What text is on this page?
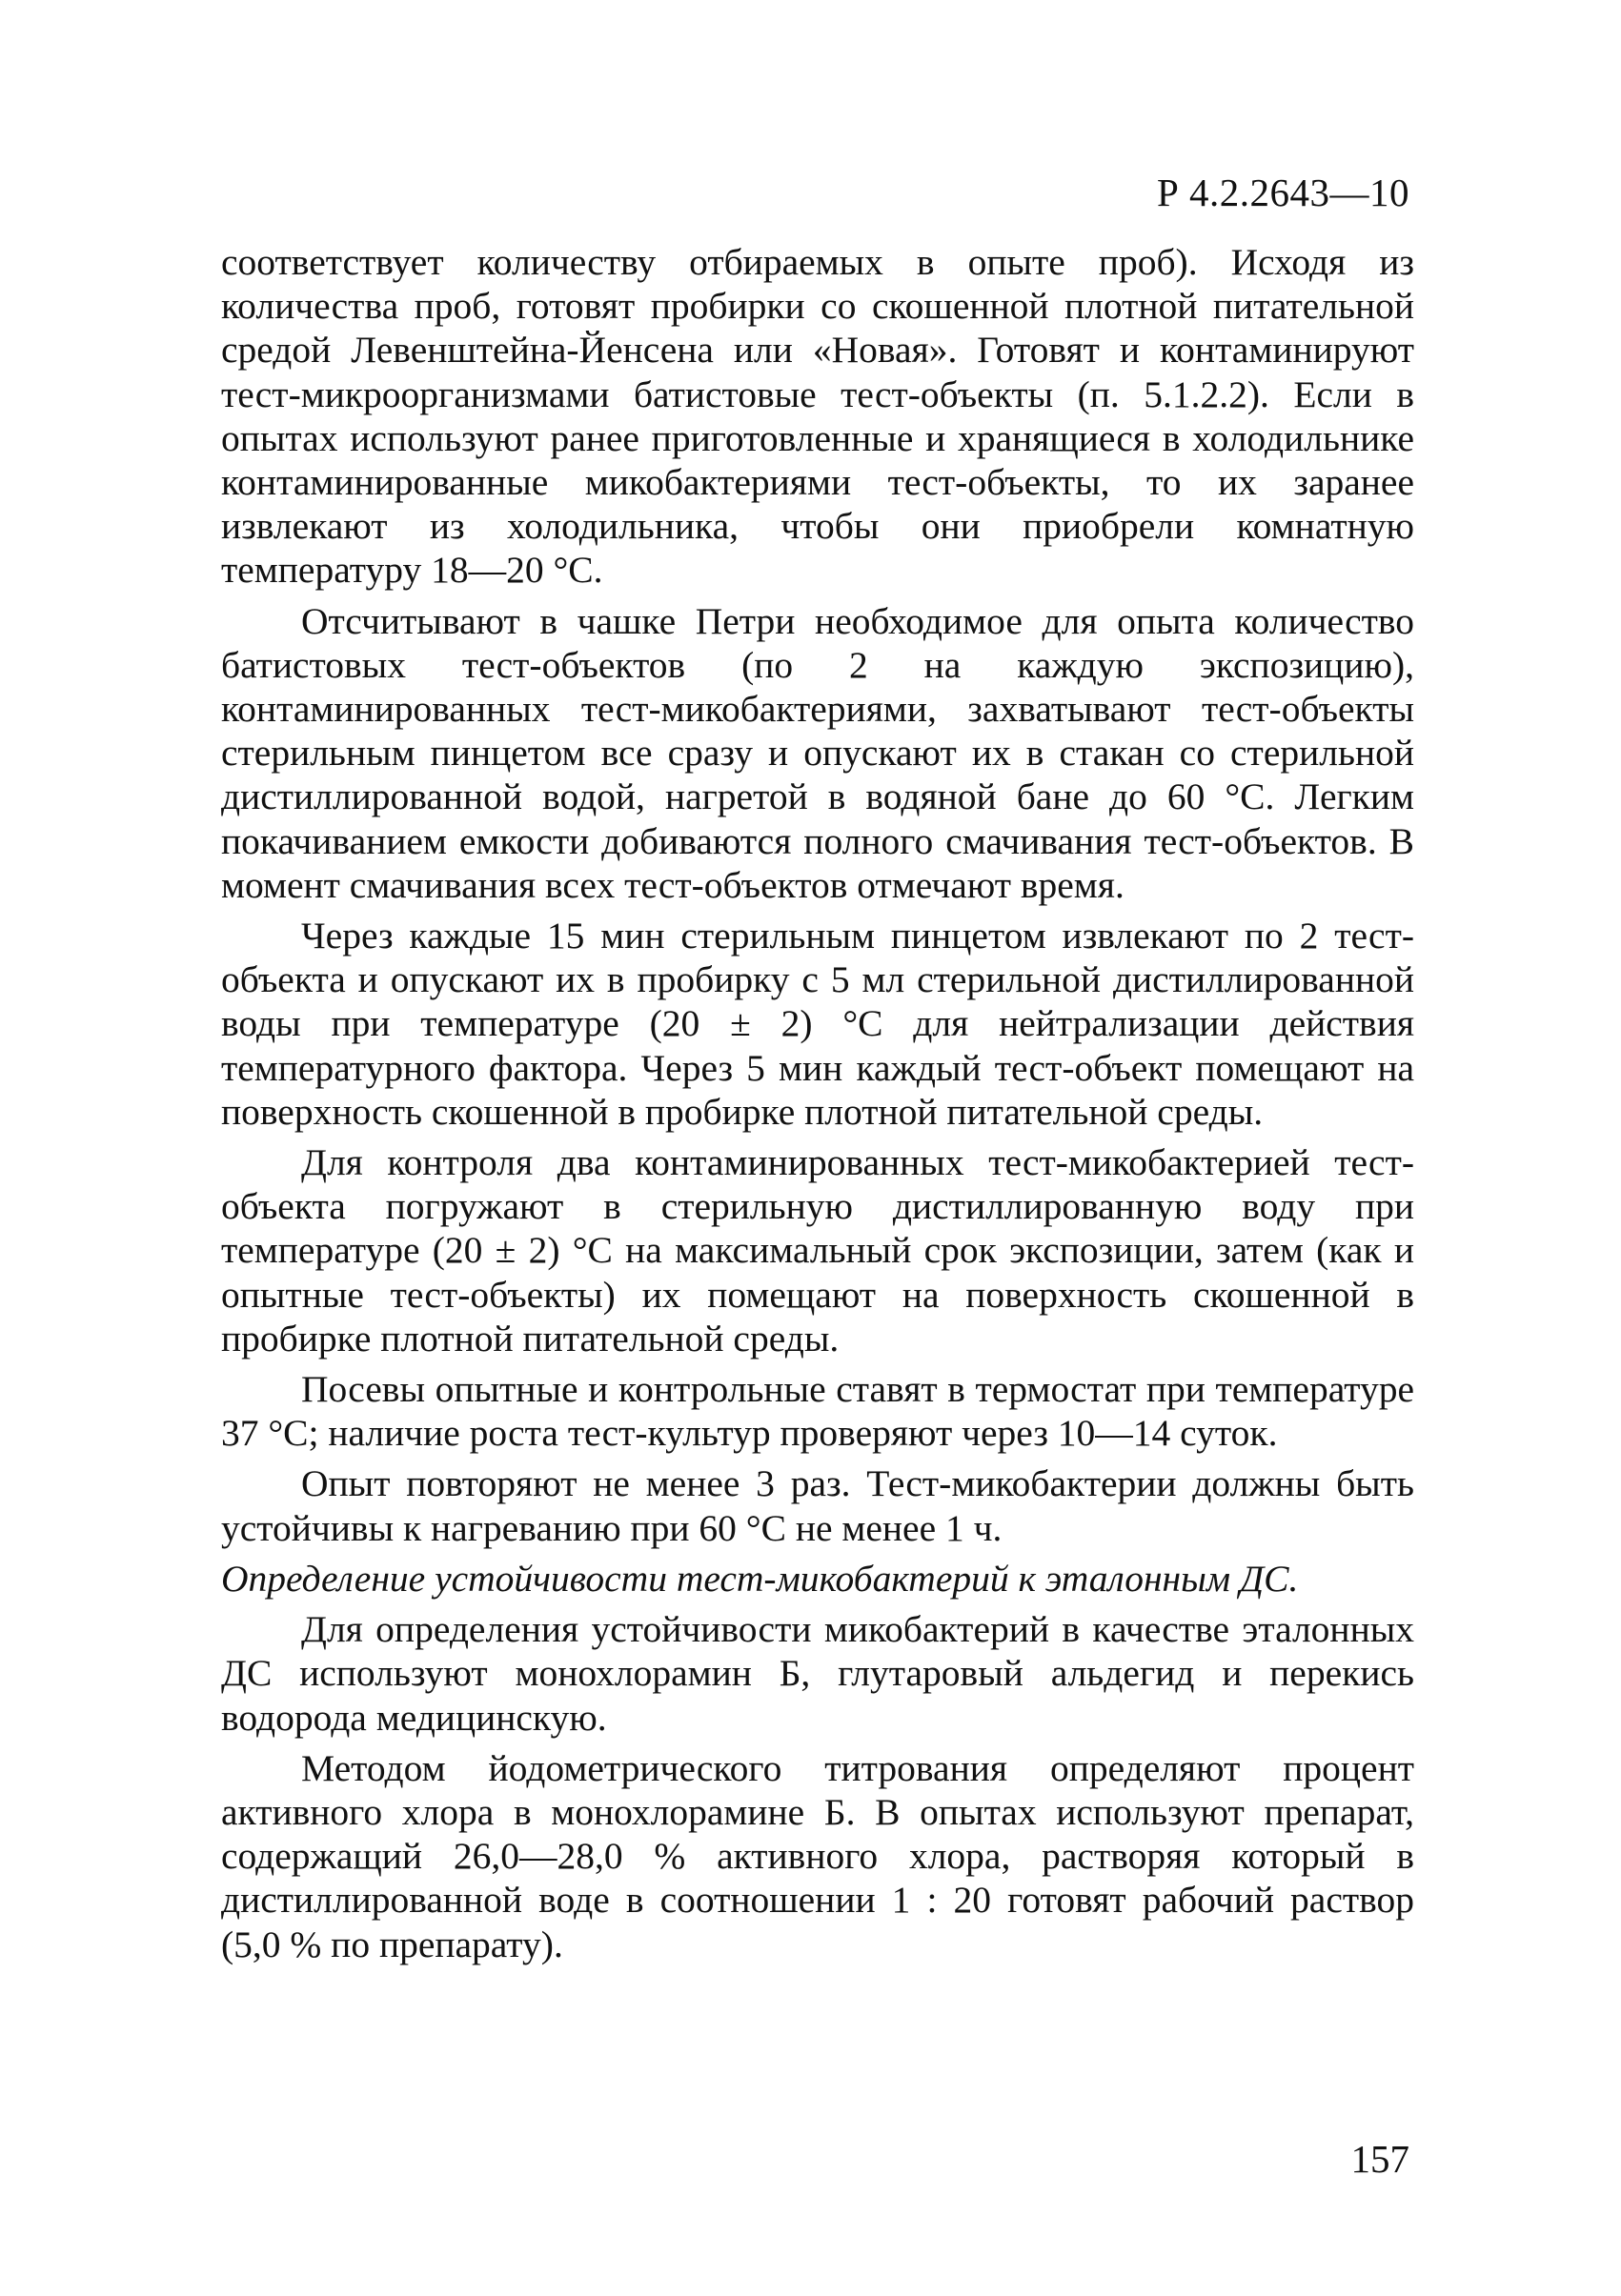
Р 4.2.2643—10

соответствует количеству отбираемых в опыте проб). Исходя из количества проб, готовят пробирки со скошенной плотной питательной средой Левенштейна-Йенсена или «Новая». Готовят и контаминируют тест-микроорганизмами батистовые тест-объекты (п. 5.1.2.2). Если в опытах используют ранее приготовленные и хранящиеся в холодильнике контаминированные микобактериями тест-объекты, то их заранее извлекают из холодильника, чтобы они приобрели комнатную температуру 18—20 °С.

Отсчитывают в чашке Петри необходимое для опыта количество батистовых тест-объектов (по 2 на каждую экспозицию), контаминированных тест-микобактериями, захватывают тест-объекты стерильным пинцетом все сразу и опускают их в стакан со стерильной дистиллированной водой, нагретой в водяной бане до 60 °С. Легким покачиванием емкости добиваются полного смачивания тест-объектов. В момент смачивания всех тест-объектов отмечают время.

Через каждые 15 мин стерильным пинцетом извлекают по 2 тест-объекта и опускают их в пробирку с 5 мл стерильной дистиллированной воды при температуре (20 ± 2) °С для нейтрализации действия температурного фактора. Через 5 мин каждый тест-объект помещают на поверхность скошенной в пробирке плотной питательной среды.

Для контроля два контаминированных тест-микобактерией тест-объекта погружают в стерильную дистиллированную воду при температуре (20 ± 2) °С на максимальный срок экспозиции, затем (как и опытные тест-объекты) их помещают на поверхность скошенной в пробирке плотной питательной среды.

Посевы опытные и контрольные ставят в термостат при температуре 37 °С; наличие роста тест-культур проверяют через 10—14 суток.

Опыт повторяют не менее 3 раз. Тест-микобактерии должны быть устойчивы к нагреванию при 60 °С не менее 1 ч.

Определение устойчивости тест-микобактерий к эталонным ДС.

Для определения устойчивости микобактерий в качестве эталонных ДС используют монохлорамин Б, глутаровый альдегид и перекись водорода медицинскую.

Методом йодометрического титрования определяют процент активного хлора в монохлорамине Б. В опытах используют препарат, содержащий 26,0—28,0 % активного хлора, растворяя который в дистиллированной воде в соотношении 1 : 20 готовят рабочий раствор (5,0 % по препарату).

157
